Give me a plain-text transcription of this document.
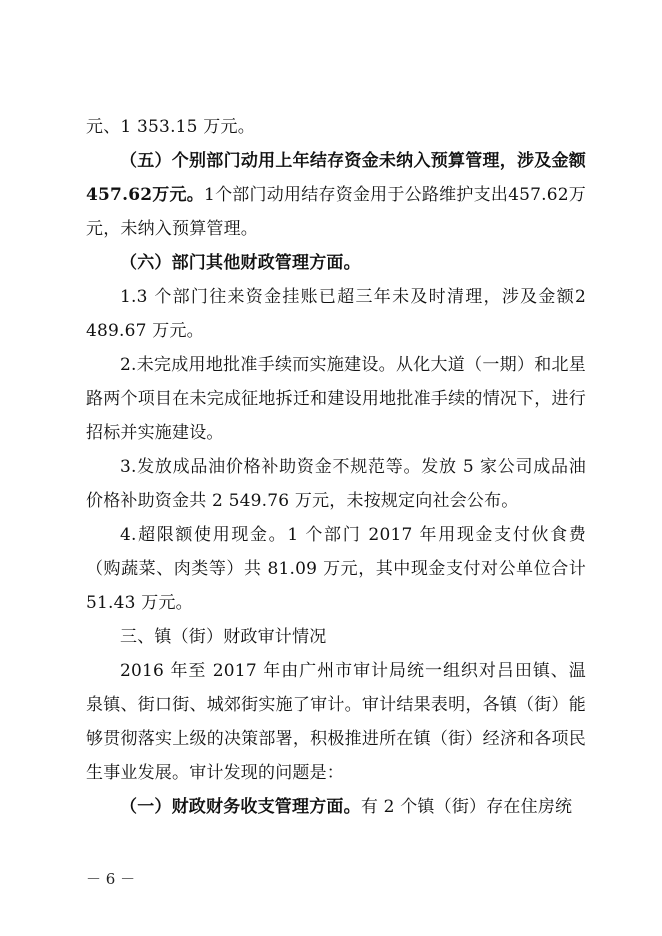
元、1 353.15 万元。

（五）个别部门动用上年结存资金未纳入预算管理，涉及金额457.62万元。1个部门动用结存资金用于公路维护支出457.62万元，未纳入预算管理。

（六）部门其他财政管理方面。

1.3 个部门往来资金挂账已超三年未及时清理，涉及金额2 489.67 万元。

2.未完成用地批准手续而实施建设。从化大道（一期）和北星路两个项目在未完成征地拆迁和建设用地批准手续的情况下，进行招标并实施建设。

3.发放成品油价格补助资金不规范等。发放 5 家公司成品油价格补助资金共 2 549.76 万元，未按规定向社会公布。

4.超限额使用现金。1 个部门 2017 年用现金支付伙食费（购蔬菜、肉类等）共 81.09 万元，其中现金支付对公单位合计 51.43 万元。

三、镇（街）财政审计情况

2016 年至 2017 年由广州市审计局统一组织对吕田镇、温泉镇、街口街、城郊街实施了审计。审计结果表明，各镇（街）能够贯彻落实上级的决策部署，积极推进所在镇（街）经济和各项民生事业发展。审计发现的问题是：

（一）财政财务收支管理方面。有 2 个镇（街）存在住房统

－ 6 －
